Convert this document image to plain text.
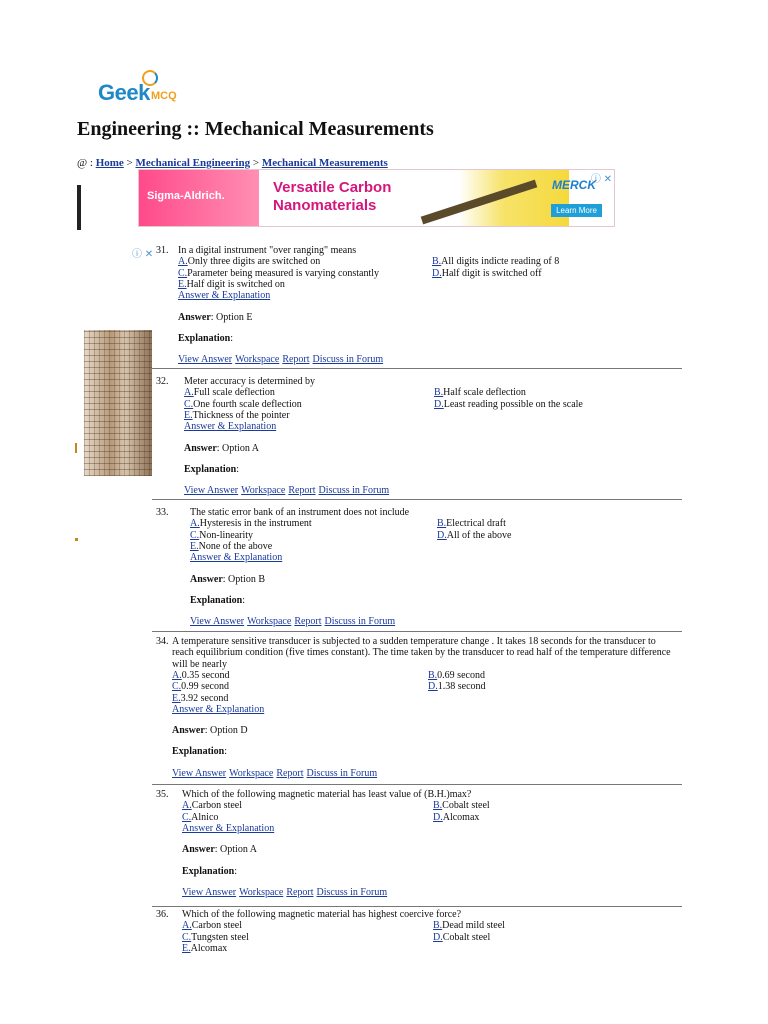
Geek MCQ
Engineering :: Mechanical Measurements
@ : Home > Mechanical Engineering > Mechanical Measurements
Sigma-Aldrich.	Versatile Carbon
Nanomaterials
MERCK
Learn More
ⓘ ✕
ⓘ ✕ 31. In a digital instrument "over ranging" means
A.Only three digits are switched on	B.All digits indicte reading of 8
C.Parameter being measured is varying constantly	D.Half digit is switched off
E.Half digit is switched on
Answer & Explanation
Answer: Option E
Explanation:
View Answer Workspace Report Discuss in Forum
32. Meter accuracy is determined by
A.Full scale deflection	B.Half scale deflection
C.One fourth scale deflection	D.Least reading possible on the scale
E.Thickness of the pointer
Answer & Explanation
Answer: Option A
Explanation:
View Answer Workspace Report Discuss in Forum
33. The static error bank of an instrument does not include
A.Hysteresis in the instrument	B.Electrical draft
C.Non-linearity	D.All of the above
E.None of the above
Answer & Explanation
Answer: Option B
Explanation:
View Answer Workspace Report Discuss in Forum
34. A temperature sensitive transducer is subjected to a sudden temperature change . It takes 18 seconds for the transducer to reach equilibrium condition (five times constant). The time taken by the transducer to read half of the temperature difference will be nearly
A.0.35 second	B.0.69 second
C.0.99 second	D.1.38 second
E.3.92 second
Answer & Explanation
Answer: Option D
Explanation:
View Answer Workspace Report Discuss in Forum
35. Which of the following magnetic material has least value of (B.H.)max?
A.Carbon steel	B.Cobalt steel
C.Alnico	D.Alcomax
Answer & Explanation
Answer: Option A
Explanation:
View Answer Workspace Report Discuss in Forum
36. Which of the following magnetic material has highest coercive force?
A.Carbon steel	B.Dead mild steel
C.Tungsten steel	D.Cobalt steel
E.Alcomax
